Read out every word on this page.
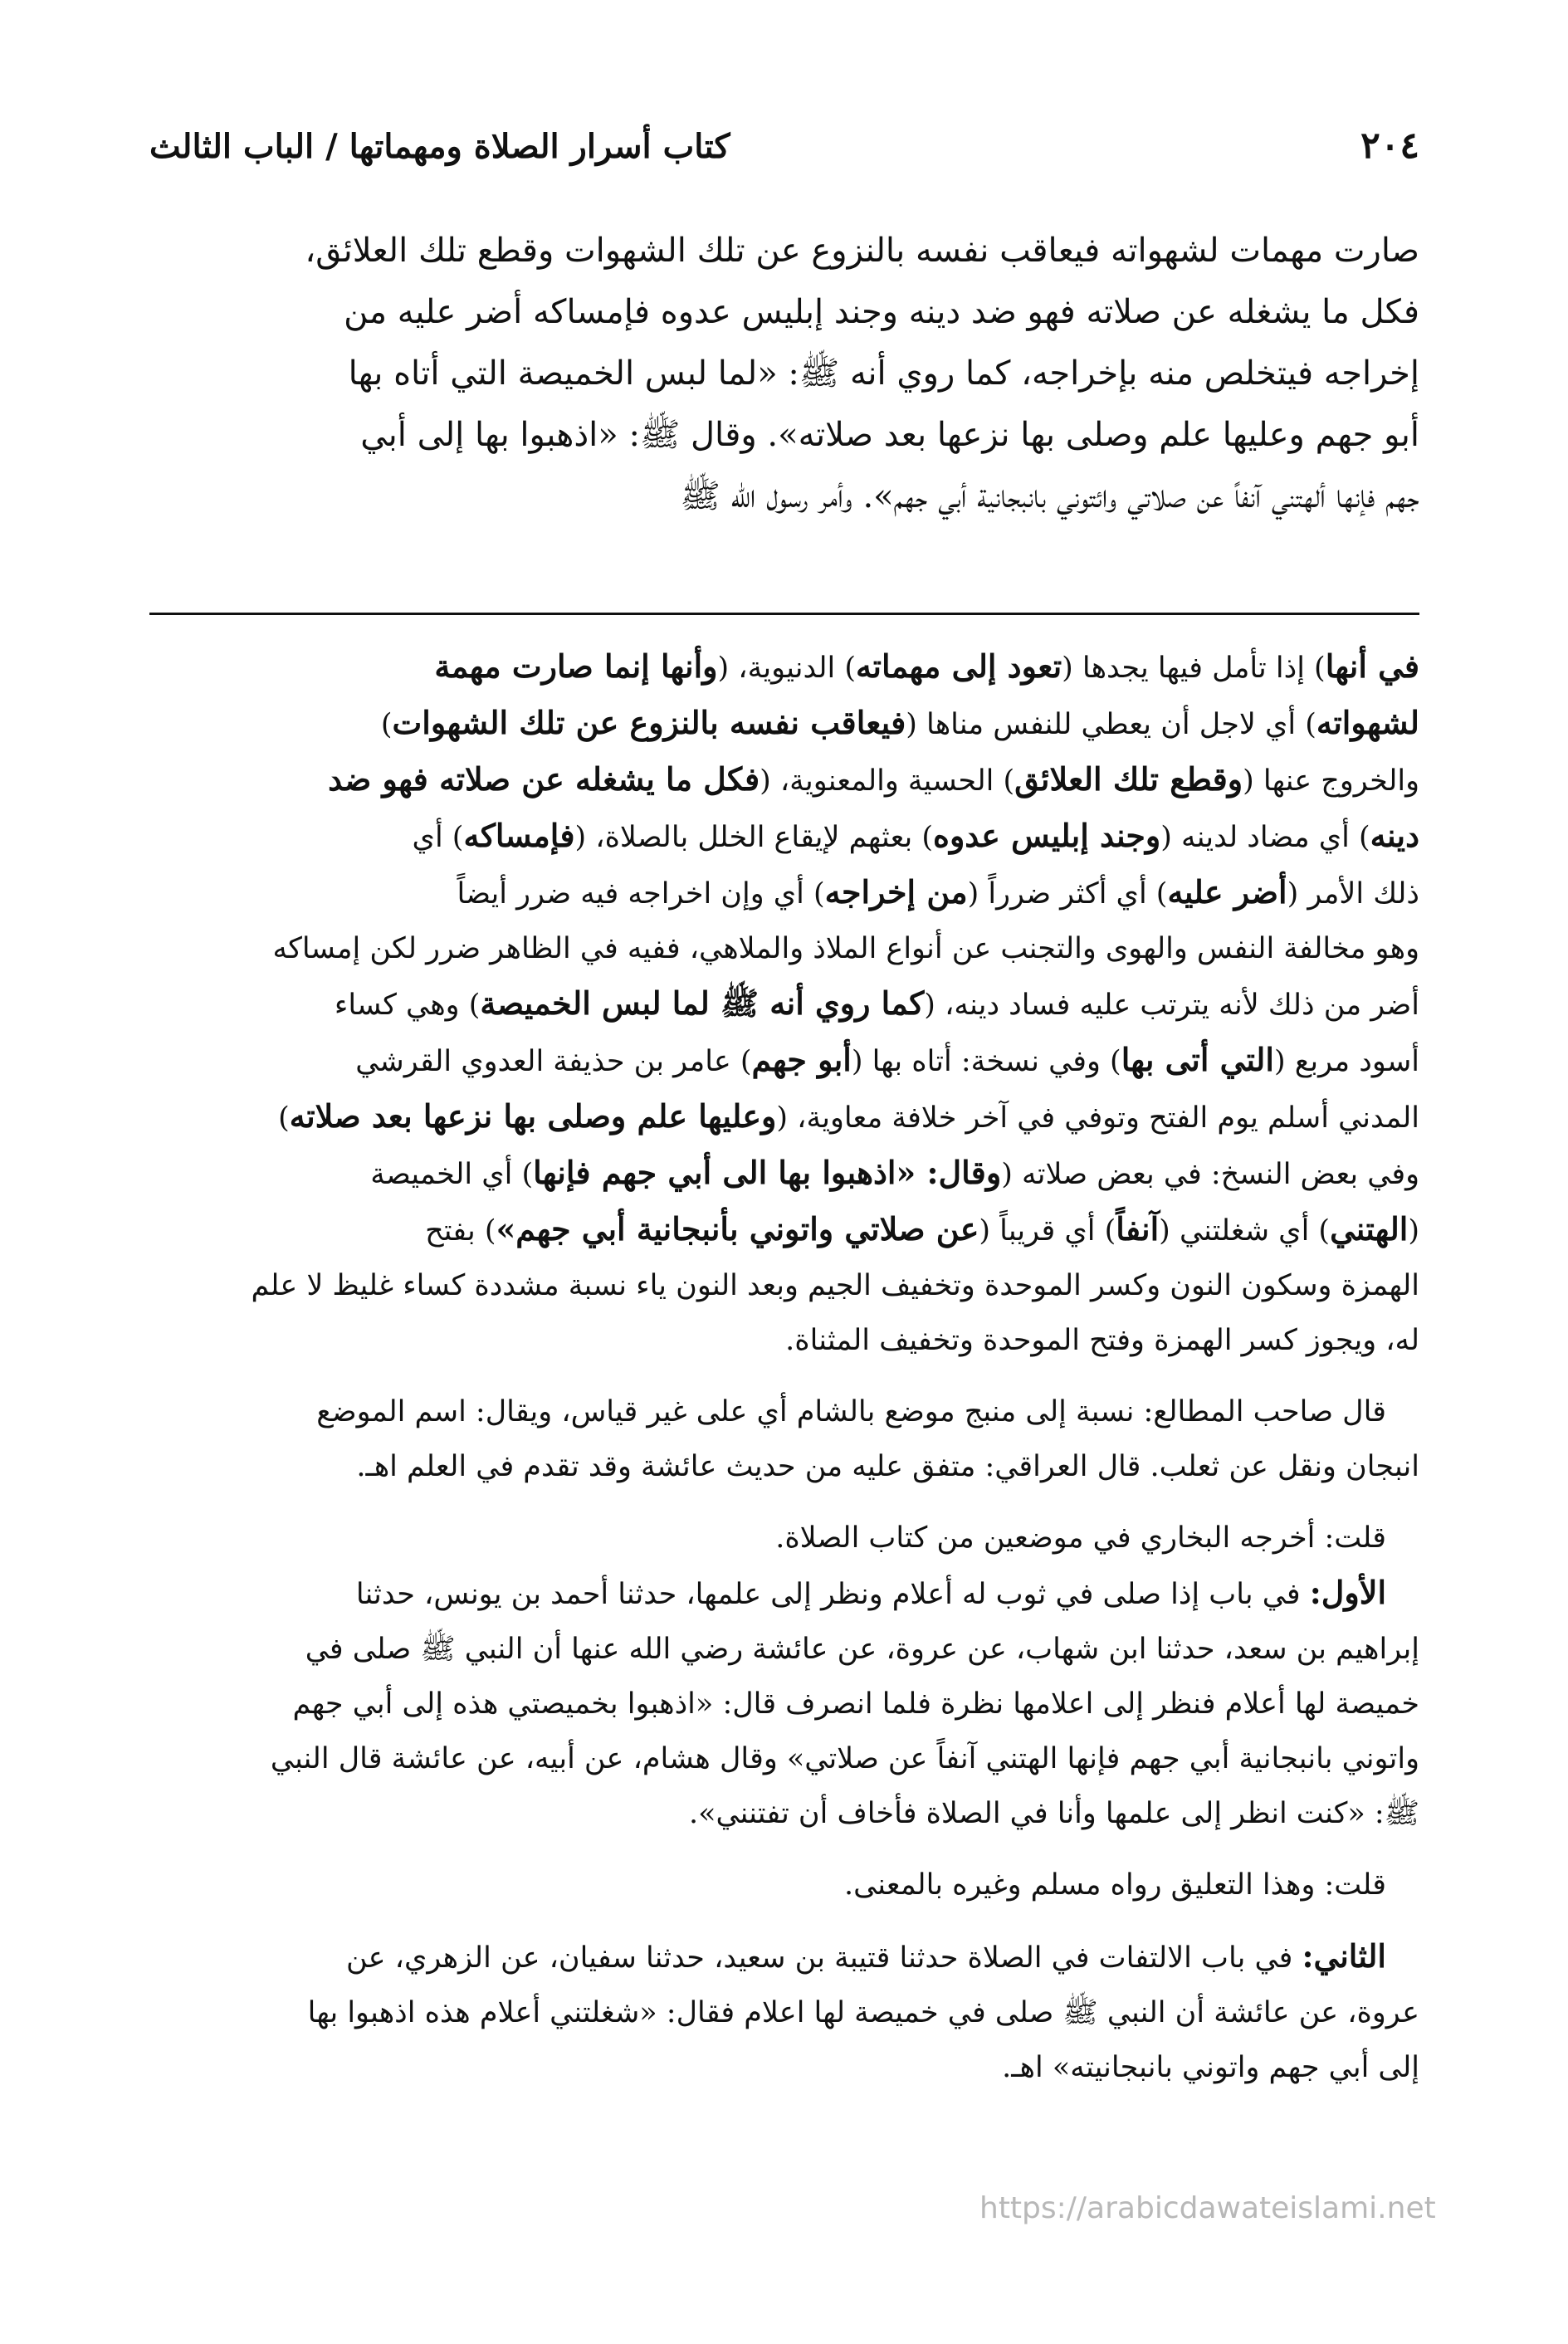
٢٠٤
كتاب أسرار الصلاة ومهماتها / الباب الثالث
صارت مهمات لشهواته فيعاقب نفسه بالنزوع عن تلك الشهوات وقطع تلك العلائق،
فكل ما يشغله عن صلاته فهو ضد دينه وجند إبليس عدوه فإمساكه أضر عليه من
إخراجه فيتخلص منه بإخراجه، كما روي أنه ﷺ: «لما لبس الخميصة التي أتاه بها
أبو جهم وعليها علم وصلى بها نزعها بعد صلاته». وقال ﷺ: «اذهبوا بها إلى أبي
جهم فإنها ألهتني آنفاً عن صلاتي وائتوني بانبجانية أبي جهم». وأمر رسول الله ﷺ
في أنها) إذا تأمل فيها يجدها (تعود إلى مهماته) الدنيوية، (وأنها إنما صارت مهمة
لشهواته) أي لاجل أن يعطي للنفس مناها (فيعاقب نفسه بالنزوع عن تلك الشهوات)
والخروج عنها (وقطع تلك العلائق) الحسية والمعنوية، (فكل ما يشغله عن صلاته فهو ضد
دينه) أي مضاد لدينه (وجند إبليس عدوه) بعثهم لإيقاع الخلل بالصلاة، (فإمساكه) أي
ذلك الأمر (أضر عليه) أي أكثر ضرراً (من إخراجه) أي وإن اخراجه فيه ضرر أيضاً
وهو مخالفة النفس والهوى والتجنب عن أنواع الملاذ والملاهي، ففيه في الظاهر ضرر لكن إمساكه
أضر من ذلك لأنه يترتب عليه فساد دينه، (كما روي أنه ﷺ لما لبس الخميصة) وهي كساء
أسود مربع (التي أتى بها) وفي نسخة: أتاه بها (أبو جهم) عامر بن حذيفة العدوي القرشي
المدني أسلم يوم الفتح وتوفي في آخر خلافة معاوية، (وعليها علم وصلى بها نزعها بعد صلاته)
وفي بعض النسخ: في بعض صلاته (وقال: «اذهبوا بها الى أبي جهم فإنها) أي الخميصة
(الهتني) أي شغلتني (آنفاً) أي قريباً (عن صلاتي واتوني بأنبجانية أبي جهم») بفتح
الهمزة وسكون النون وكسر الموحدة وتخفيف الجيم وبعد النون ياء نسبة مشددة كساء غليظ لا علم
له، ويجوز كسر الهمزة وفتح الموحدة وتخفيف المثناة.
قال صاحب المطالع: نسبة إلى منبج موضع بالشام أي على غير قياس، ويقال: اسم الموضع
انبجان ونقل عن ثعلب. قال العراقي: متفق عليه من حديث عائشة وقد تقدم في العلم اهـ.
قلت: أخرجه البخاري في موضعين من كتاب الصلاة.
الأول: في باب إذا صلى في ثوب له أعلام ونظر إلى علمها، حدثنا أحمد بن يونس، حدثنا
إبراهيم بن سعد، حدثنا ابن شهاب، عن عروة، عن عائشة رضي الله عنها أن النبي ﷺ صلى في
خميصة لها أعلام فنظر إلى اعلامها نظرة فلما انصرف قال: «اذهبوا بخميصتي هذه إلى أبي جهم
واتوني بانبجانية أبي جهم فإنها الهتني آنفاً عن صلاتي» وقال هشام، عن أبيه، عن عائشة قال النبي
ﷺ: «كنت انظر إلى علمها وأنا في الصلاة فأخاف أن تفتنني».
قلت: وهذا التعليق رواه مسلم وغيره بالمعنى.
الثاني: في باب الالتفات في الصلاة حدثنا قتيبة بن سعيد، حدثنا سفيان، عن الزهري، عن
عروة، عن عائشة أن النبي ﷺ صلى في خميصة لها اعلام فقال: «شغلتني أعلام هذه اذهبوا بها
إلى أبي جهم واتوني بانبجانيته» اهـ.
https://arabicdawateislami.net
